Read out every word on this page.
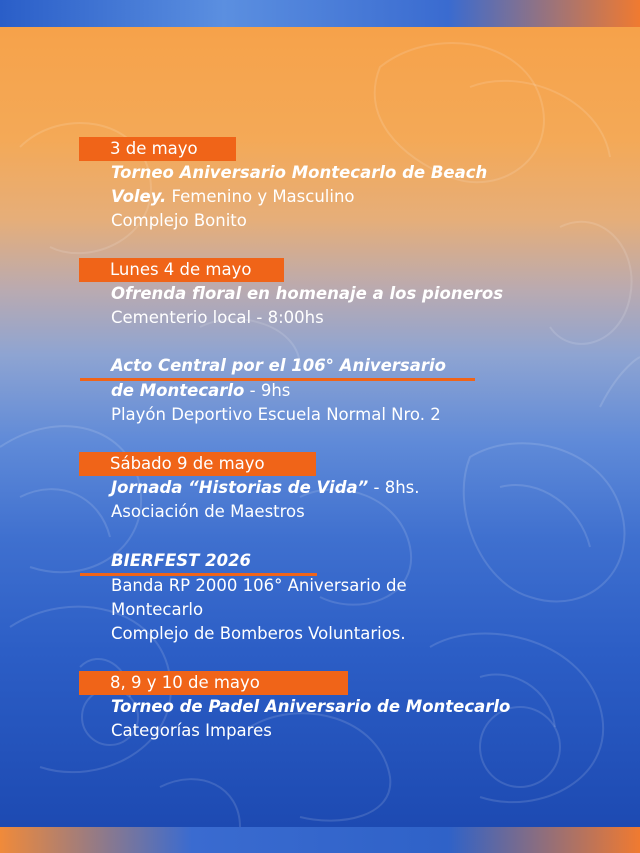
3 de mayo
Torneo Aniversario Montecarlo de Beach
Voley. Femenino y Masculino
Complejo Bonito
Lunes 4 de mayo
Ofrenda floral en homenaje a los pioneros
Cementerio local - 8:00hs
Acto Central por el 106° Aniversario
de Montecarlo - 9hs
Playón Deportivo Escuela Normal Nro. 2
Sábado 9 de mayo
Jornada “Historias de Vida” - 8hs.
Asociación de Maestros
BIERFEST 2026
Banda RP 2000 106° Aniversario de
Montecarlo
Complejo de Bomberos Voluntarios.
8, 9 y 10 de mayo
Torneo de Padel Aniversario de Montecarlo
Categorías Impares
